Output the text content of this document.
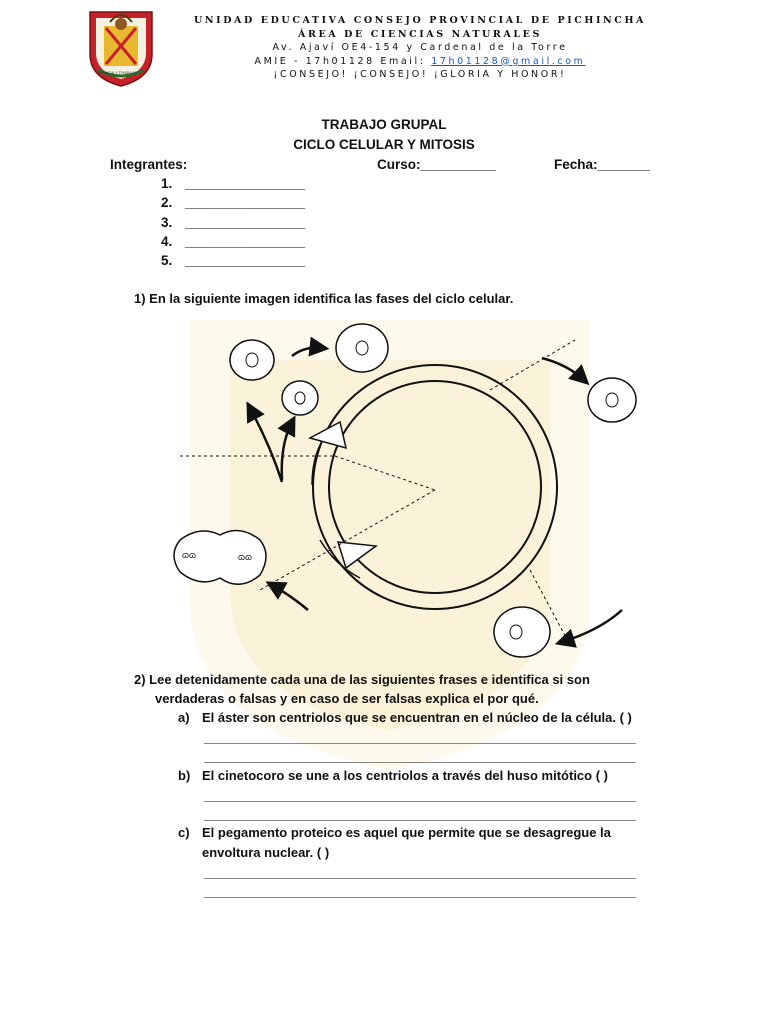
CIENCIA Y TRABAJO
UNIDAD EDUCATIVA CONSEJO PROVINCIAL DE PICHINCHA
ÁREA DE CIENCIAS NATURALES
Av. Ajaví OE4-154 y Cardenal de la Torre
AMIE - 17h01128 Email: 17h01128@gmail.com
¡CONSEJO! ¡CONSEJO! ¡GLORIA Y HONOR!
TRABAJO GRUPAL
CICLO CELULAR Y MITOSIS
Integrantes:	Curso:__________	Fecha:_______
1. ________________
2. ________________
3. ________________
4. ________________
5. ________________
1) En la siguiente imagen identifica las fases del ciclo celular.
ɷɷ	ɷɷ
2) Lee detenidamente cada una de las siguientes frases e identifica si son
verdaderas o falsas y en caso de ser falsas explica el por qué.
a) El áster son centriolos que se encuentran en el núcleo de la célula. ( )
_________________________________________________________________
_________________________________________________________________
b) El cinetocoro se une a los centriolos a través del huso mitótico ( )
_________________________________________________________________
_________________________________________________________________
c) El pegamento proteico es aquel que permite que se desagregue la
envoltura nuclear. ( )
_________________________________________________________________
_________________________________________________________________
